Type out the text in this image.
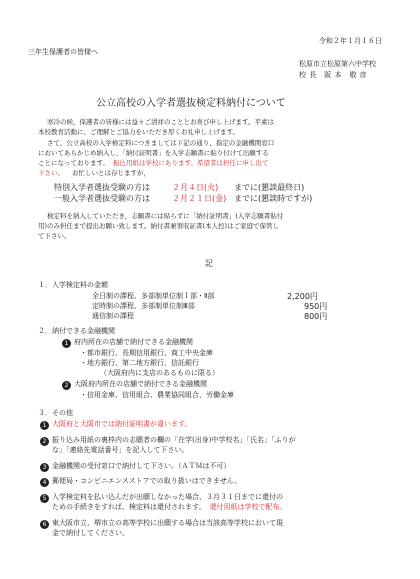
令和２年１月１６日
三年生保護者の皆様へ
松原市立松原第六中学校
校 長　阪 本　敬 彦
公立高校の入学者選抜検定料納付について
寒冷の候，保護者の皆様には益々ご清祥のこととお喜び申し上げます。平素は
本校教育活動に、ご理解とご協力をいただき厚くお礼申し上げます。
さて，公立高校の入学検定料につきましては下記の通り、指定の金融機関窓口
においてあらかじめ納入し，「納付証明書」を入学志願書に貼り付けて出願する
ことになっております。 振込用紙は学校にあります。希望者は担任に申し出て
下さい。 お忙しいとは存じますが，
特別入学者選抜受験の方は	２月４日(火) までに(懇談最終日)
一般入学者選抜受験の方は	２月２１日(金) までに(懇談時ですが)
検定料を納入していただき，志願書には貼らずに「納付証明書」(入学志願書貼付
用)のみ担任まで提出お願い致します。納付書兼領収証書(本人控)はご家庭で保管し
て下さい。
記
１．入学検定料の金額
全日制の課程、多部制単位制Ｉ部・Ⅱ部	2,200円
定時制の課程、多部制単位制Ⅲ部	950円
通信制の課程	800円
２．納付できる金融機関
1 府内所在の店舗で納付できる金融機関
・都市銀行、長期信用銀行、商工中央金庫
・地方銀行、第二地方銀行、信託銀行
（大阪府内に支店のあるものに限る）
2 大阪府内所在の店舗で納付できる金融機関
・信用金庫、信用組合、農業協同組合、労働金庫
３．その他
1 大阪府と大阪市では納付証明書が違います。
2 振り込み用紙の裏枠内の志願者の欄の「在学(出身)中学校名」「氏名」「ふりが
な」「連絡先電話番号」を記入して下さい。
3 金融機関の受付窓口で納付して下さい。（ＡＴＭは不可）
4 郵便局・コンビニエンスストアでの取り扱いはできません。
5 入学検定料を払い込んだが出願しなかった場合、３月３１日までに還付の
ための手続きをすれば、検定料は還付されます。 還付用紙は学校で配布。
6 東大阪市立、堺市立の高等学校に出願する場合は当該高等学校において現
金で納付してください。
